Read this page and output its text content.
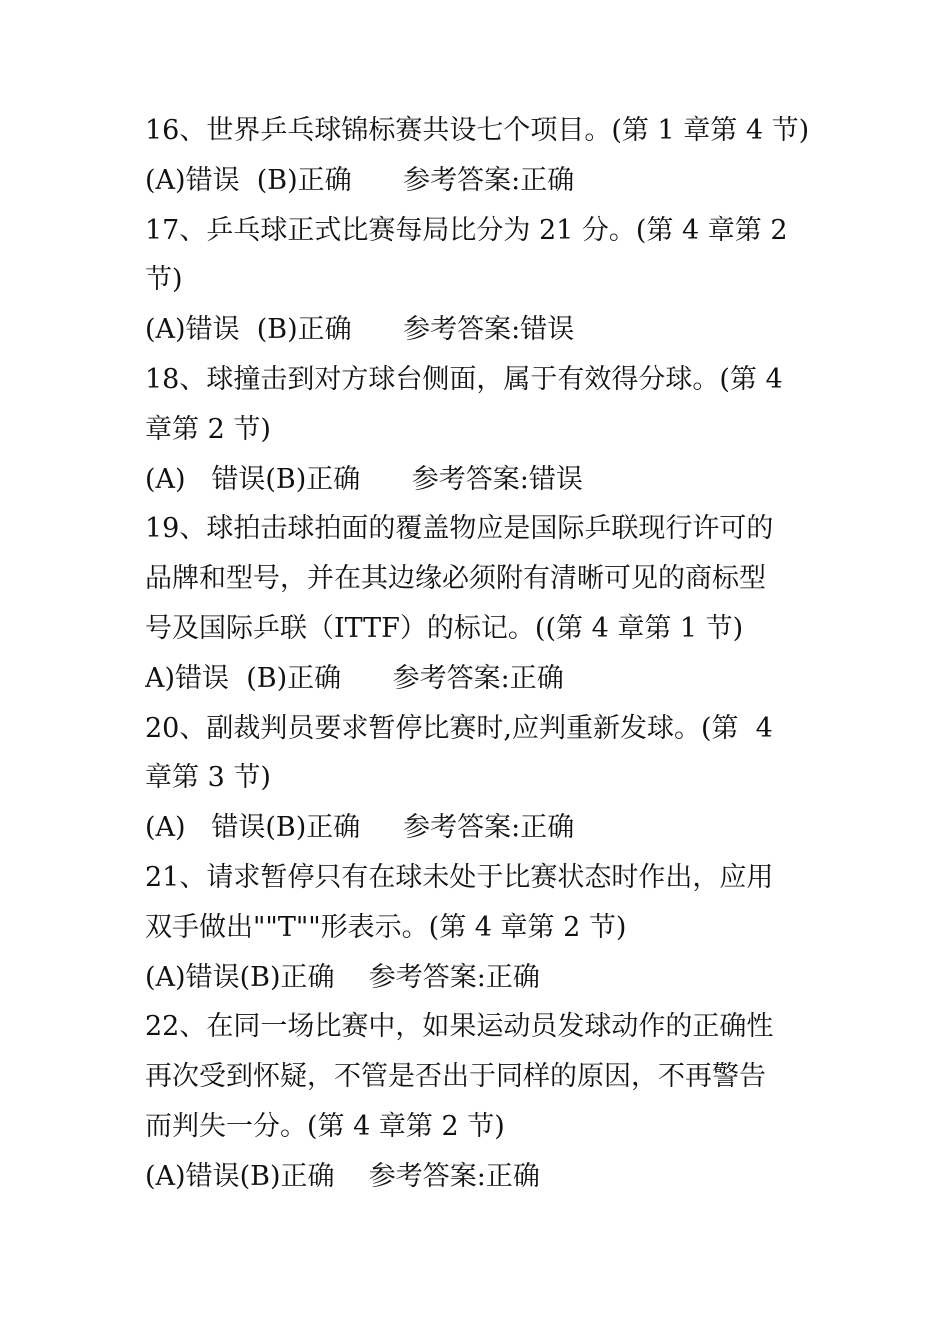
16、世界乒乓球锦标赛共设七个项目。(第 1 章第 4 节)
(A)错误  (B)正确      参考答案:正确
17、乒乓球正式比赛每局比分为 21 分。(第 4 章第 2
节)
(A)错误  (B)正确      参考答案:错误
18、球撞击到对方球台侧面，属于有效得分球。(第 4
章第 2 节)
(A)   错误(B)正确      参考答案:错误
19、球拍击球拍面的覆盖物应是国际乒联现行许可的
品牌和型号，并在其边缘必须附有清晰可见的商标型
号及国际乒联（ITTF）的标记。((第 4 章第 1 节)
A)错误  (B)正确      参考答案:正确
20、副裁判员要求暂停比赛时,应判重新发球。(第  4
章第 3 节)
(A)   错误(B)正确     参考答案:正确
21、请求暂停只有在球未处于比赛状态时作出，应用
双手做出""T""形表示。(第 4 章第 2 节)
(A)错误(B)正确    参考答案:正确
22、在同一场比赛中，如果运动员发球动作的正确性
再次受到怀疑，不管是否出于同样的原因，不再警告
而判失一分。(第 4 章第 2 节)
(A)错误(B)正确    参考答案:正确
